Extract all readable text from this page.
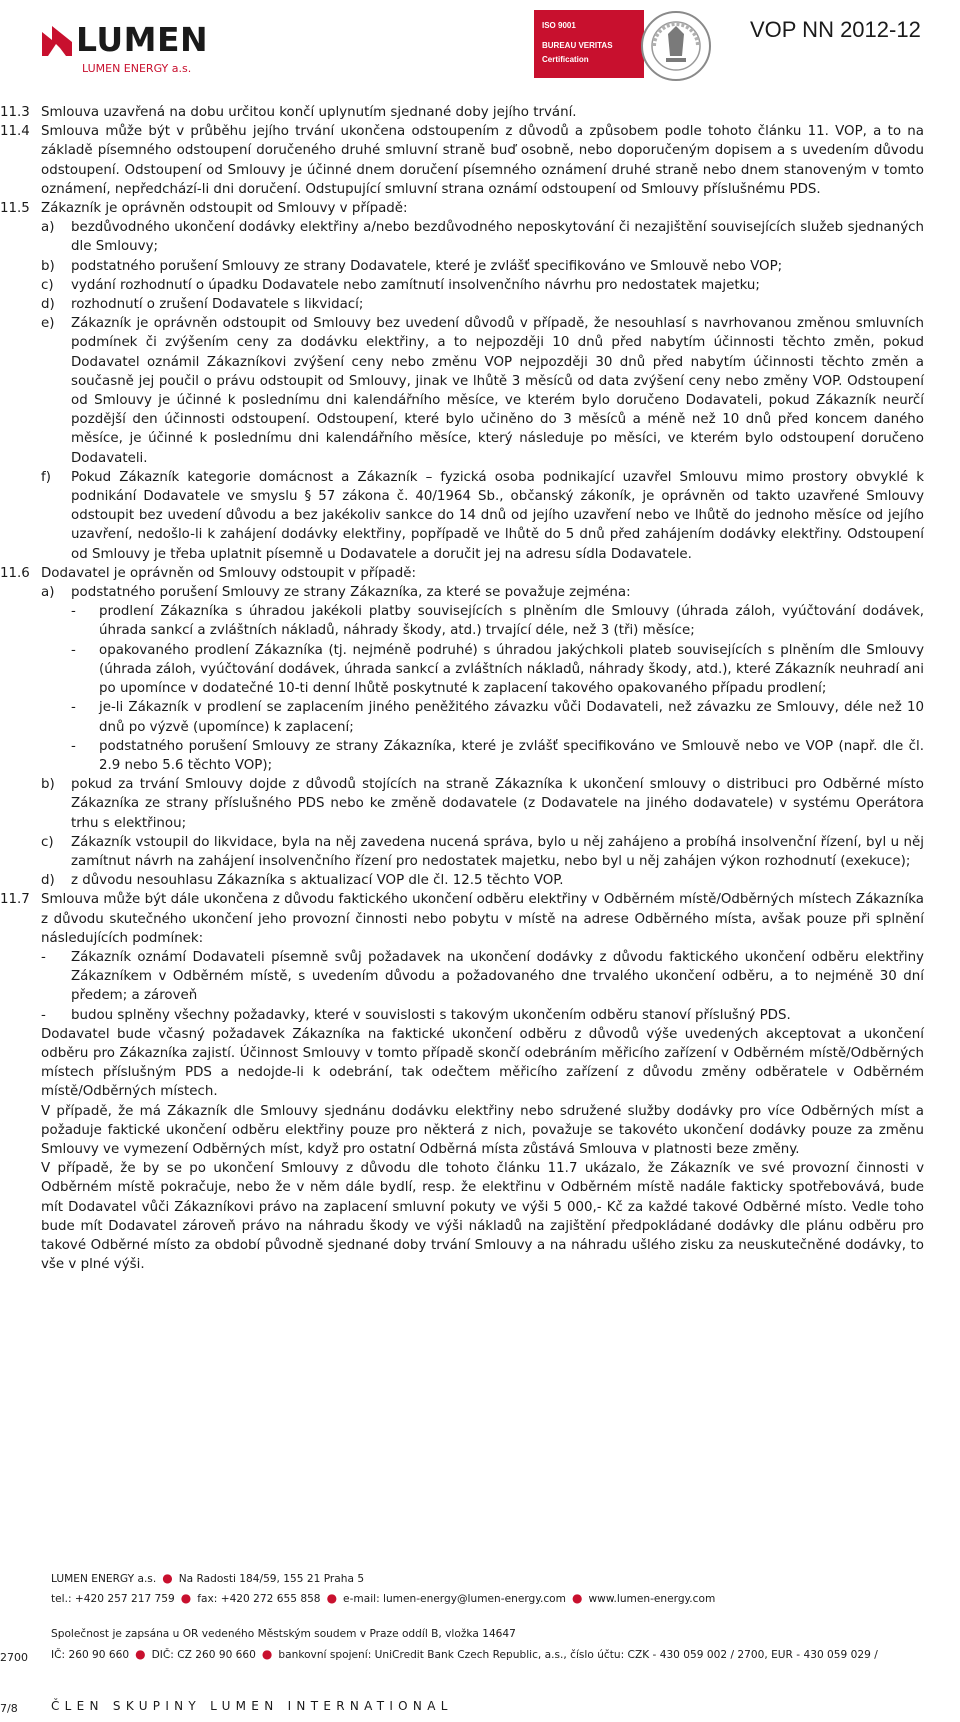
LUMEN
LUMEN ENERGY a.s.
ISO 9001
BUREAU VERITAS
Certification
VOP NN 2012-12
11.3 Smlouva uzavřená na dobu určitou končí uplynutím sjednané doby jejího trvání.
11.4 Smlouva může být v průběhu jejího trvání ukončena odstoupením z důvodů a způsobem podle tohoto článku 11. VOP, a to na základě písemného odstoupení doručeného druhé smluvní straně buď osobně, nebo doporučeným dopisem a s uvedením důvodu odstoupení. Odstoupení od Smlouvy je účinné dnem doručení písemného oznámení druhé straně nebo dnem stanoveným v tomto oznámení, nepředchází-li dni doručení. Odstupující smluvní strana oznámí odstoupení od Smlouvy příslušnému PDS.
11.5 Zákazník je oprávněn odstoupit od Smlouvy v případě:
a) bezdůvodného ukončení dodávky elektřiny a/nebo bezdůvodného neposkytování či nezajištění souvisejících služeb sjednaných dle Smlouvy;
b) podstatného porušení Smlouvy ze strany Dodavatele, které je zvlášť specifikováno ve Smlouvě nebo VOP;
c) vydání rozhodnutí o úpadku Dodavatele nebo zamítnutí insolvenčního návrhu pro nedostatek majetku;
d) rozhodnutí o zrušení Dodavatele s likvidací;
e) Zákazník je oprávněn odstoupit od Smlouvy bez uvedení důvodů v případě, že nesouhlasí s navrhovanou změnou smluvních podmínek či zvýšením ceny za dodávku elektřiny, a to nejpozději 10 dnů před nabytím účinnosti těchto změn, pokud Dodavatel oznámil Zákazníkovi zvýšení ceny nebo změnu VOP nejpozději 30 dnů před nabytím účinnosti těchto změn a současně jej poučil o právu odstoupit od Smlouvy, jinak ve lhůtě 3 měsíců od data zvýšení ceny nebo změny VOP. Odstoupení od Smlouvy je účinné k poslednímu dni kalendářního měsíce, ve kterém bylo doručeno Dodavateli, pokud Zákazník neurčí pozdější den účinnosti odstoupení. Odstoupení, které bylo učiněno do 3 měsíců a méně než 10 dnů před koncem daného měsíce, je účinné k poslednímu dni kalendářního měsíce, který následuje po měsíci, ve kterém bylo odstoupení doručeno Dodavateli.
f) Pokud Zákazník kategorie domácnost a Zákazník – fyzická osoba podnikající uzavřel Smlouvu mimo prostory obvyklé k podnikání Dodavatele ve smyslu § 57 zákona č. 40/1964 Sb., občanský zákoník, je oprávněn od takto uzavřené Smlouvy odstoupit bez uvedení důvodu a bez jakékoliv sankce do 14 dnů od jejího uzavření nebo ve lhůtě do jednoho měsíce od jejího uzavření, nedošlo-li k zahájení dodávky elektřiny, popřípadě ve lhůtě do 5 dnů před zahájením dodávky elektřiny. Odstoupení od Smlouvy je třeba uplatnit písemně u Dodavatele a doručit jej na adresu sídla Dodavatele.
11.6 Dodavatel je oprávněn od Smlouvy odstoupit v případě:
a) podstatného porušení Smlouvy ze strany Zákazníka, za které se považuje zejména:
- prodlení Zákazníka s úhradou jakékoli platby souvisejících s plněním dle Smlouvy (úhrada záloh, vyúčtování dodávek, úhrada sankcí a zvláštních nákladů, náhrady škody, atd.) trvající déle, než 3 (tři) měsíce;
- opakovaného prodlení Zákazníka (tj. nejméně podruhé) s úhradou jakýchkoli plateb souvisejících s plněním dle Smlouvy (úhrada záloh, vyúčtování dodávek, úhrada sankcí a zvláštních nákladů, náhrady škody, atd.), které Zákazník neuhradí ani po upomínce v dodatečné 10-ti denní lhůtě poskytnuté k zaplacení takového opakovaného případu prodlení;
- je-li Zákazník v prodlení se zaplacením jiného peněžitého závazku vůči Dodavateli, než závazku ze Smlouvy, déle než 10 dnů po výzvě (upomínce) k zaplacení;
- podstatného porušení Smlouvy ze strany Zákazníka, které je zvlášť specifikováno ve Smlouvě nebo ve VOP (např. dle čl. 2.9 nebo 5.6 těchto VOP);
b) pokud za trvání Smlouvy dojde z důvodů stojících na straně Zákazníka k ukončení smlouvy o distribuci pro Odběrné místo Zákazníka ze strany příslušného PDS nebo ke změně dodavatele (z Dodavatele na jiného dodavatele) v systému Operátora trhu s elektřinou;
c) Zákazník vstoupil do likvidace, byla na něj zavedena nucená správa, bylo u něj zahájeno a probíhá insolvenční řízení, byl u něj zamítnut návrh na zahájení insolvenčního řízení pro nedostatek majetku, nebo byl u něj zahájen výkon rozhodnutí (exekuce);
d) z důvodu nesouhlasu Zákazníka s aktualizací VOP dle čl. 12.5 těchto VOP.
11.7 Smlouva může být dále ukončena z důvodu faktického ukončení odběru elektřiny v Odběrném místě/Odběrných místech Zákazníka z důvodu skutečného ukončení jeho provozní činnosti nebo pobytu v místě na adrese Odběrného místa, avšak pouze při splnění následujících podmínek:
- Zákazník oznámí Dodavateli písemně svůj požadavek na ukončení dodávky z důvodu faktického ukončení odběru elektřiny Zákazníkem v Odběrném místě, s uvedením důvodu a požadovaného dne trvalého ukončení odběru, a to nejméně 30 dní předem; a zároveň
- budou splněny všechny požadavky, které v souvislosti s takovým ukončením odběru stanoví příslušný PDS.
Dodavatel bude včasný požadavek Zákazníka na faktické ukončení odběru z důvodů výše uvedených akceptovat a ukončení odběru pro Zákazníka zajistí. Účinnost Smlouvy v tomto případě skončí odebráním měřicího zařízení v Odběrném místě/Odběrných místech příslušným PDS a nedojde-li k odebrání, tak odečtem měřicího zařízení z důvodu změny odběratele v Odběrném místě/Odběrných místech.
V případě, že má Zákazník dle Smlouvy sjednánu dodávku elektřiny nebo sdružené služby dodávky pro více Odběrných míst a požaduje faktické ukončení odběru elektřiny pouze pro některá z nich, považuje se takovéto ukončení dodávky pouze za změnu Smlouvy ve vymezení Odběrných míst, když pro ostatní Odběrná místa zůstává Smlouva v platnosti beze změny.
V případě, že by se po ukončení Smlouvy z důvodu dle tohoto článku 11.7 ukázalo, že Zákazník ve své provozní činnosti v Odběrném místě pokračuje, nebo že v něm dále bydlí, resp. že elektřinu v Odběrném místě nadále fakticky spotřebovává, bude mít Dodavatel vůči Zákazníkovi právo na zaplacení smluvní pokuty ve výši 5 000,- Kč za každé takové Odběrné místo. Vedle toho bude mít Dodavatel zároveň právo na náhradu škody ve výši nákladů na zajištění předpokládané dodávky dle plánu odběru pro takové Odběrné místo za období původně sjednané doby trvání Smlouvy a na náhradu ušlého zisku za neuskutečněné dodávky, to vše v plné výši.
LUMEN ENERGY a.s. ● Na Radosti 184/59, 155 21 Praha 5
tel.: +420 257 217 759 ● fax: +420 272 655 858 ● e-mail: lumen-energy@lumen-energy.com ● www.lumen-energy.com
Společnost je zapsána u OR vedeného Městským soudem v Praze oddíl B, vložka 14647
IČ: 260 90 660 ● DIČ: CZ 260 90 660 ● bankovní spojení: UniCredit Bank Czech Republic, a.s., číslo účtu: CZK - 430 059 002 / 2700, EUR - 430 059 029 /
ČLEN SKUPINY LUMEN INTERNATIONAL
2700
7/8
